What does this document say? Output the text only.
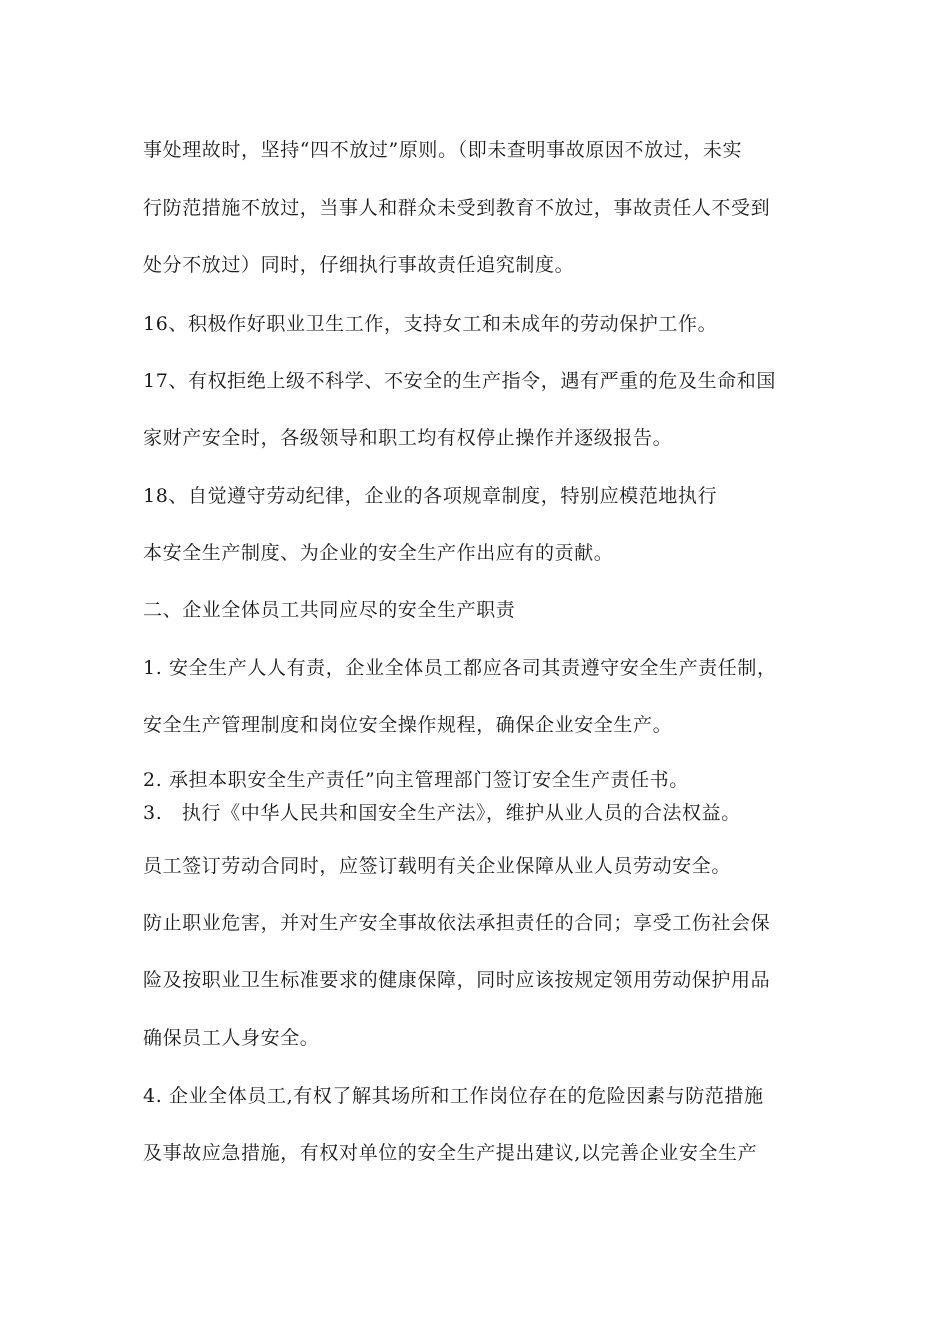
事处理故时，坚持“四不放过”原则。（即未查明事故原因不放过，未实
行防范措施不放过，当事人和群众未受到教育不放过，事故责任人不受到
处分不放过）同时，仔细执行事故责任追究制度。
16、积极作好职业卫生工作，支持女工和未成年的劳动保护工作。
17、有权拒绝上级不科学、不安全的生产指令，遇有严重的危及生命和国
家财产安全时，各级领导和职工均有权停止操作并逐级报告。
18、自觉遵守劳动纪律，企业的各项规章制度，特别应模范地执行
本安全生产制度、为企业的安全生产作出应有的贡献。
二、企业全体员工共同应尽的安全生产职责
1. 安全生产人人有责，企业全体员工都应各司其责遵守安全生产责任制，
安全生产管理制度和岗位安全操作规程，确保企业安全生产。
2. 承担本职安全生产责任”向主管理部门签订安全生产责任书。
3.　执行《中华人民共和国安全生产法》，维护从业人员的合法权益。
员工签订劳动合同时，应签订载明有关企业保障从业人员劳动安全。
防止职业危害，并对生产安全事故依法承担责任的合同；享受工伤社会保
险及按职业卫生标准要求的健康保障，同时应该按规定领用劳动保护用品
确保员工人身安全。
4. 企业全体员工,有权了解其场所和工作岗位存在的危险因素与防范措施
及事故应急措施，有权对单位的安全生产提出建议,以完善企业安全生产
